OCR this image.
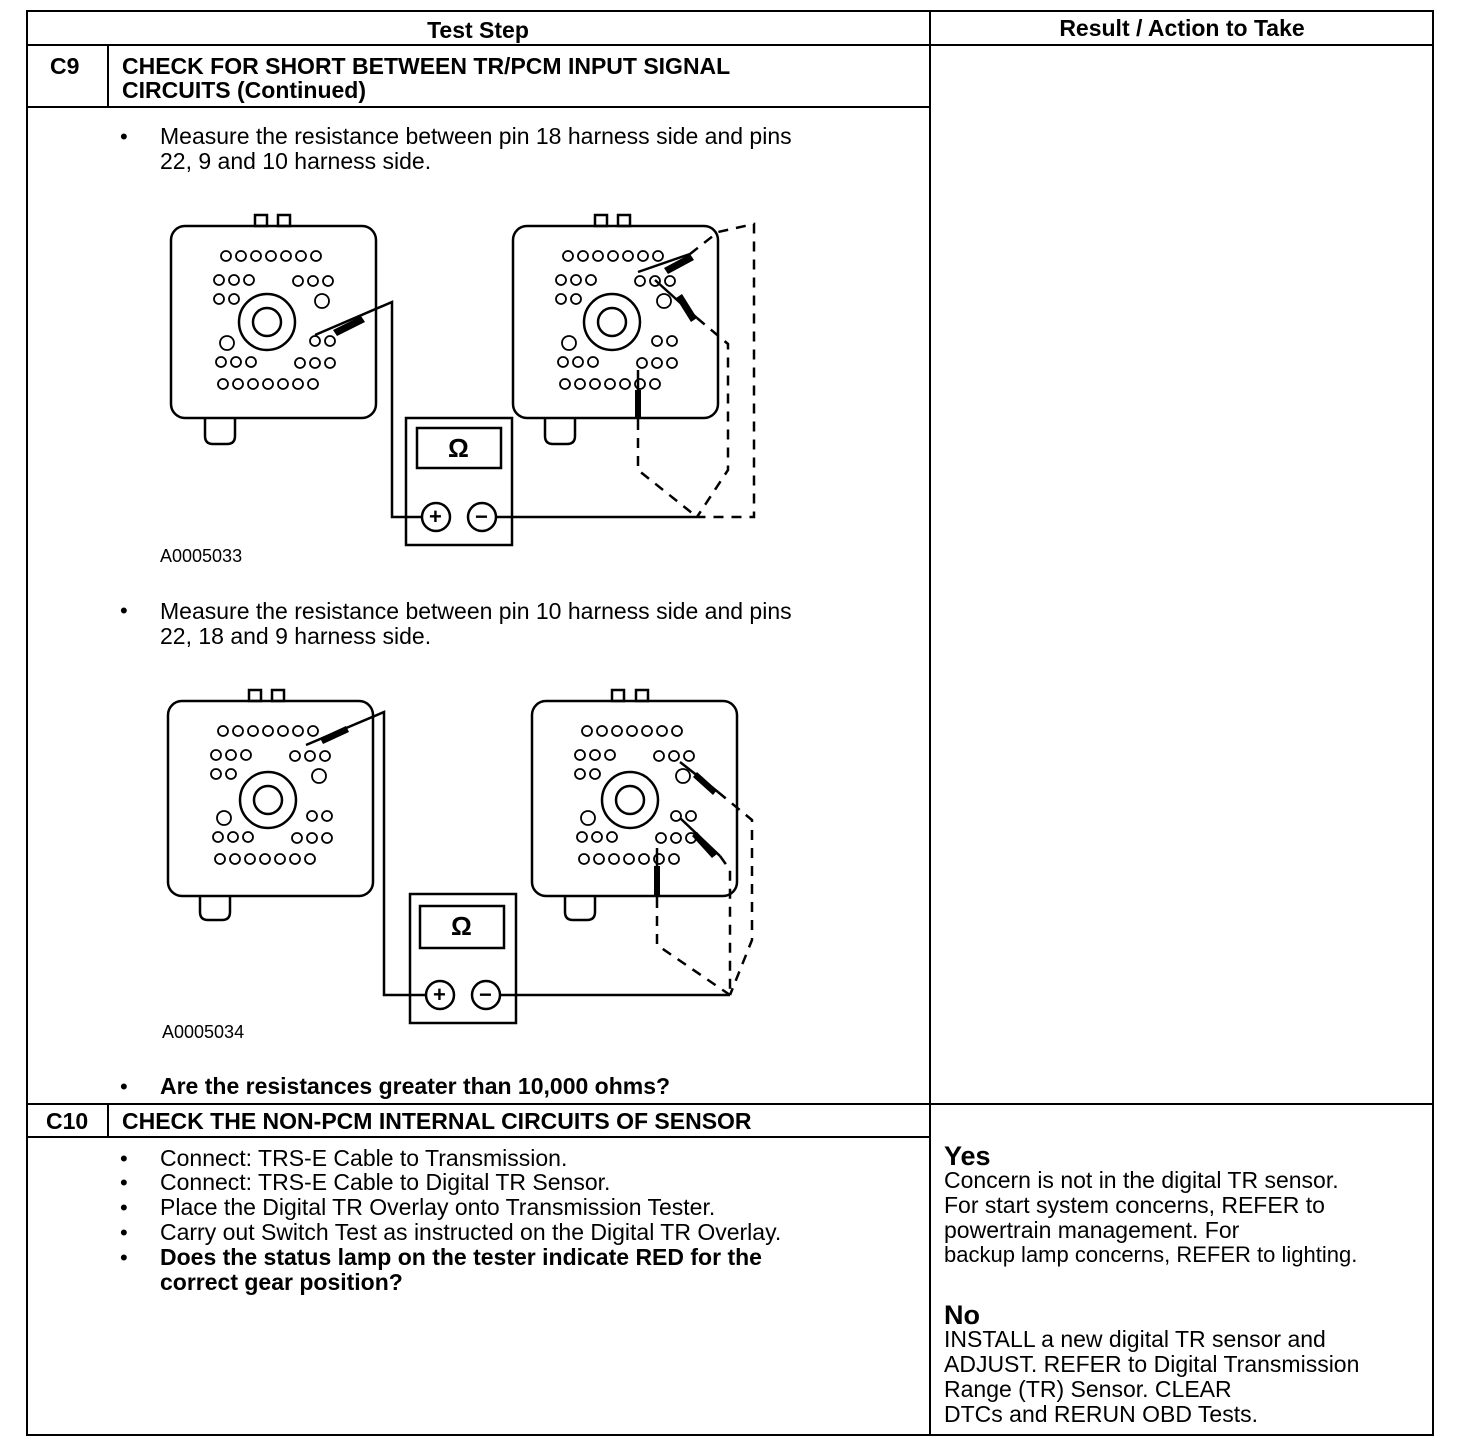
Test Step	Result / Action to Take
C9 CHECK FOR SHORT BETWEEN TR/PCM INPUT SIGNAL
CIRCUITS (Continued)
• Measure the resistance between pin 18 harness side and pins
22, 9 and 10 harness side.
A0005033
• Measure the resistance between pin 10 harness side and pins
22, 18 and 9 harness side.
Ω
+ −
Ω
+ −
A0005034
• Are the resistances greater than 10,000 ohms?
C10 CHECK THE NON-PCM INTERNAL CIRCUITS OF SENSOR
• Connect: TRS-E Cable to Transmission.
• Connect: TRS-E Cable to Digital TR Sensor.
• Place the Digital TR Overlay onto Transmission Tester.
• Carry out Switch Test as instructed on the Digital TR Overlay.
• Does the status lamp on the tester indicate RED for the
correct gear position?
Yes
Concern is not in the digital TR sensor.
For start system concerns, REFER to
powertrain management. For
backup lamp concerns, REFER to lighting.
No
INSTALL a new digital TR sensor and
ADJUST. REFER to Digital Transmission
Range (TR) Sensor. CLEAR
DTCs and RERUN OBD Tests.
